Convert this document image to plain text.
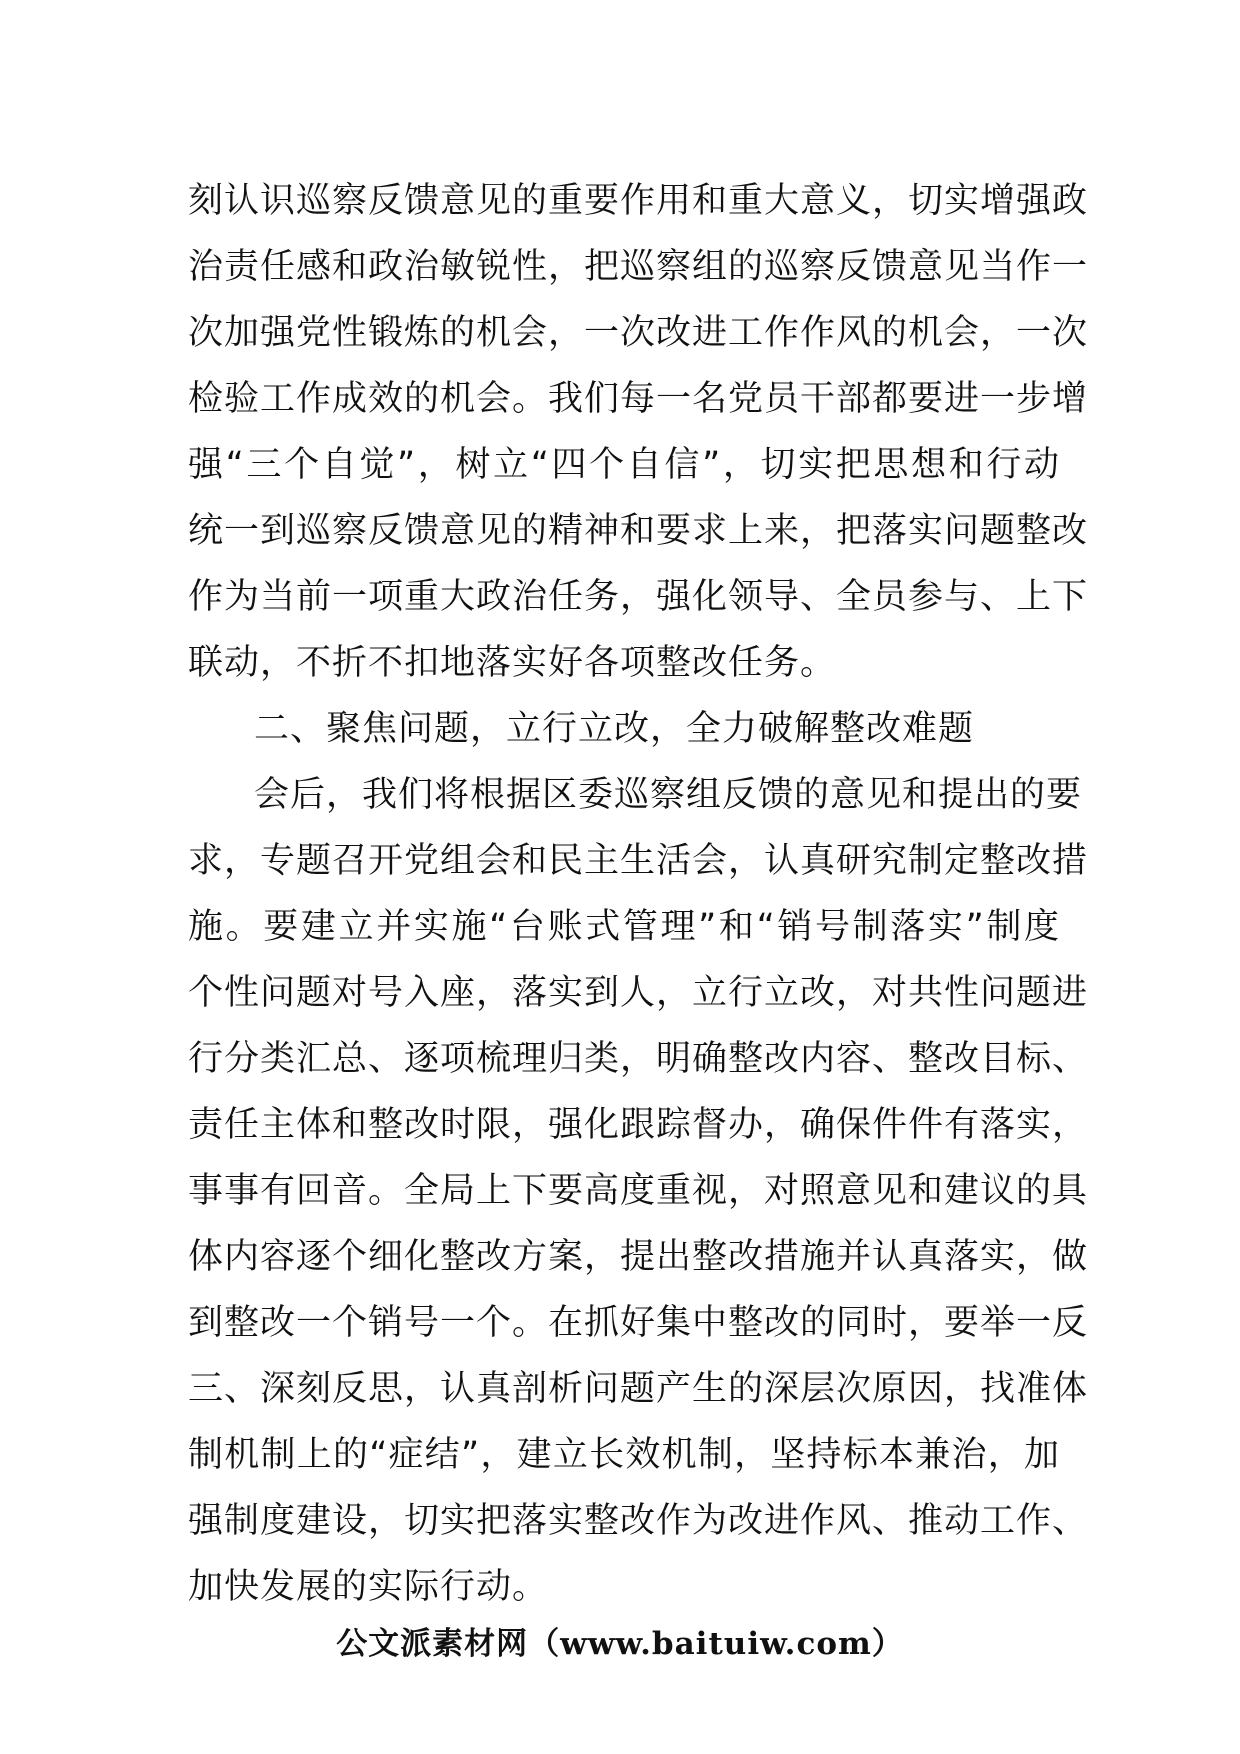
刻认识巡察反馈意见的重要作用和重大意义，切实增强政
治责任感和政治敏锐性，把巡察组的巡察反馈意见当作一
次加强党性锻炼的机会，一次改进工作作风的机会，一次
检验工作成效的机会。我们每一名党员干部都要进一步增
强“三个自觉”，树立“四个自信”，切实把思想和行动
统一到巡察反馈意见的精神和要求上来，把落实问题整改
作为当前一项重大政治任务，强化领导、全员参与、上下
联动，不折不扣地落实好各项整改任务。
二、聚焦问题，立行立改，全力破解整改难题
会后，我们将根据区委巡察组反馈的意见和提出的要
求，专题召开党组会和民主生活会，认真研究制定整改措
施。要建立并实施“台账式管理”和“销号制落实”制度
个性问题对号入座，落实到人，立行立改，对共性问题进
行分类汇总、逐项梳理归类，明确整改内容、整改目标、
责任主体和整改时限，强化跟踪督办，确保件件有落实，
事事有回音。全局上下要高度重视，对照意见和建议的具
体内容逐个细化整改方案，提出整改措施并认真落实，做
到整改一个销号一个。在抓好集中整改的同时，要举一反
三、深刻反思，认真剖析问题产生的深层次原因，找准体
制机制上的“症结”，建立长效机制，坚持标本兼治，加
强制度建设，切实把落实整改作为改进作风、推动工作、
加快发展的实际行动。
公文派素材网（www.baituiw.com）
